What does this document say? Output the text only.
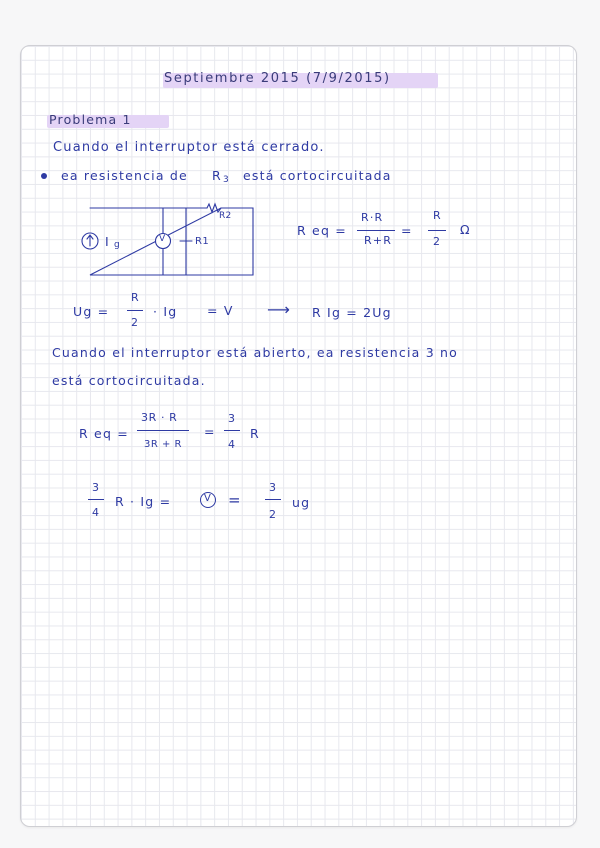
Septiembre 2015 (7/9/2015)
Problema 1
Cuando el interruptor está cerrado.
ea resistencia de R 3 está cortocircuitada
V
I g	R1
R2
R eq =
R·R
R+R
=
R
2
Ω
Ug =
R
2
· Ig = V ⟶ R Ig = 2Ug
Cuando el interruptor está abierto, ea resistencia 3 no
está cortocircuitada.
R eq =
3R · R
3R + R
=
3
4
R
3
4
R · Ig =	V =
3
2
ug
